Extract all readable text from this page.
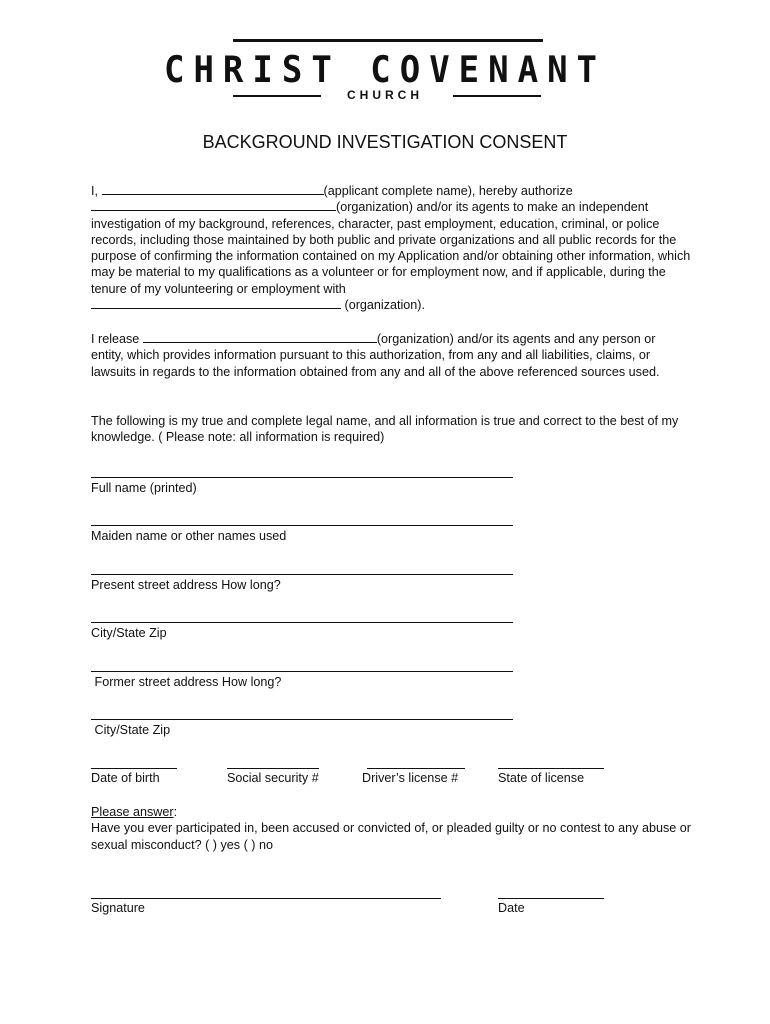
CHRIST COVENANT
CHURCH
BACKGROUND INVESTIGATION CONSENT
I,	(applicant complete name), hereby authorize
(organization) and/or its agents to make an independent investigation of my background, references, character, past employment, education, criminal, or police records, including those maintained by both public and private organizations and all public records for the purpose of confirming the information contained on my Application and/or obtaining other information, which may be material to my qualifications as a volunteer or for employment now, and if applicable, during the tenure of my volunteering or employment with
(organization).
I release	(organization) and/or its agents and any person or entity, which provides information pursuant to this authorization, from any and all liabilities, claims, or lawsuits in regards to the information obtained from any and all of the above referenced sources used.
The following is my true and complete legal name, and all information is true and correct to the best of my knowledge. ( Please note: all information is required)
Full name (printed)
Maiden name or other names used
Present street address How long?
City/State Zip
Former street address How long?
City/State Zip
Date of birth	Social security #	Driver’s license #	State of license
Please answer:
Have you ever participated in, been accused or convicted of, or pleaded guilty or no contest to any abuse or sexual misconduct? ( ) yes ( ) no
Signature	Date
